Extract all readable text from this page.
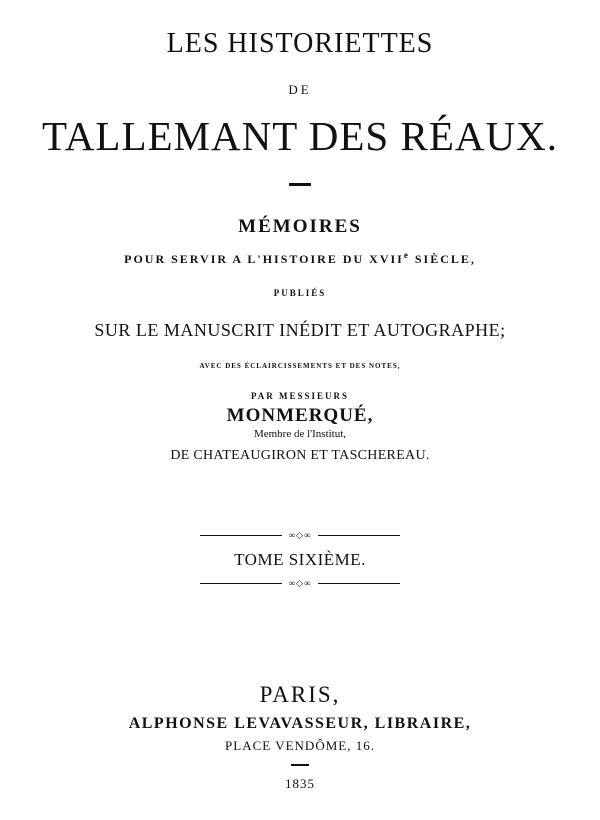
LES HISTORIETTES
DE
TALLEMANT DES RÉAUX.
MÉMOIRES
POUR SERVIR A L'HISTOIRE DU XVIIe SIÈCLE,
PUBLIÉS
SUR LE MANUSCRIT INÉDIT ET AUTOGRAPHE;
AVEC DES ÉCLAIRCISSEMENTS ET DES NOTES,
PAR MESSIEURS
MONMERQUÉ,
Membre de l'Institut,
DE CHATEAUGIRON ET TASCHEREAU.
∞◇∞
TOME SIXIÈME.
∞◇∞
PARIS,
ALPHONSE LEVAVASSEUR, LIBRAIRE,
PLACE VENDÔME, 16.
1835
